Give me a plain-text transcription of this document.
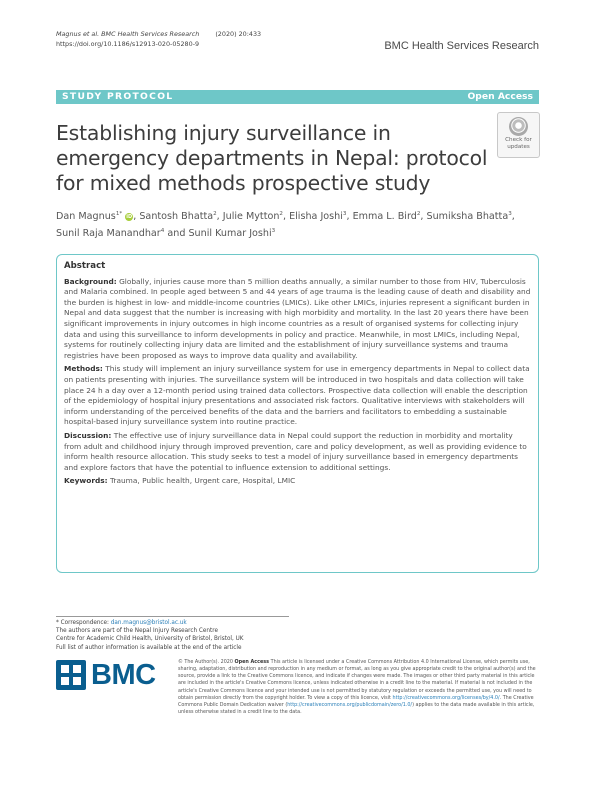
Magnus et al. BMC Health Services Research	(2020) 20:433
https://doi.org/10.1186/s12913-020-05280-9	BMC Health Services Research
STUDY PROTOCOL	Open Access
Establishing injury surveillance in emergency departments in Nepal: protocol for mixed methods prospective study
Check for
updates
Dan Magnus$^{1*}$ iD, Santosh Bhatta$^2$, Julie Mytton$^2$, Elisha Joshi$^3$, Emma L. Bird$^2$, Sumiksha Bhatta$^3$, Sunil Raja Manandhar$^4$ and Sunil Kumar Joshi$^3$
Abstract

Background: Globally, injuries cause more than 5 million deaths annually, a similar number to those from HIV, Tuberculosis and Malaria combined. In people aged between 5 and 44 years of age trauma is the leading cause of death and disability and the burden is highest in low- and middle-income countries (LMICs). Like other LMICs, injuries represent a significant burden in Nepal and data suggest that the number is increasing with high morbidity and mortality. In the last 20 years there have been significant improvements in injury outcomes in high income countries as a result of organised systems for collecting injury data and using this surveillance to inform developments in policy and practice. Meanwhile, in most LMICs, including Nepal, systems for routinely collecting injury data are limited and the establishment of injury surveillance systems and trauma registries have been proposed as ways to improve data quality and availability.

Methods: This study will implement an injury surveillance system for use in emergency departments in Nepal to collect data on patients presenting with injuries. The surveillance system will be introduced in two hospitals and data collection will take place 24 h a day over a 12-month period using trained data collectors. Prospective data collection will enable the description of the epidemiology of hospital injury presentations and associated risk factors. Qualitative interviews with stakeholders will inform understanding of the perceived benefits of the data and the barriers and facilitators to embedding a sustainable hospital-based injury surveillance system into routine practice.

Discussion: The effective use of injury surveillance data in Nepal could support the reduction in morbidity and mortality from adult and childhood injury through improved prevention, care and policy development, as well as providing evidence to inform health resource allocation. This study seeks to test a model of injury surveillance based in emergency departments and explore factors that have the potential to influence extension to additional settings.

Keywords: Trauma, Public health, Urgent care, Hospital, LMIC

* Correspondence: dan.magnus@bristol.ac.uk
The authors are part of the Nepal Injury Research Centre
Centre for Academic Child Health, University of Bristol, Bristol, UK
Full list of author information is available at the end of the article
BMC	© The Author(s). 2020 Open Access This article is licensed under a Creative Commons Attribution 4.0 International License, which permits use, sharing, adaptation, distribution and reproduction in any medium or format, as long as you give appropriate credit to the original author(s) and the source, provide a link to the Creative Commons licence, and indicate if changes were made. The images or other third party material in this article are included in the article's Creative Commons licence, unless indicated otherwise in a credit line to the material. If material is not included in the article's Creative Commons licence and your intended use is not permitted by statutory regulation or exceeds the permitted use, you will need to obtain permission directly from the copyright holder. To view a copy of this licence, visit http://creativecommons.org/licenses/by/4.0/. The Creative Commons Public Domain Dedication waiver (http://creativecommons.org/publicdomain/zero/1.0/) applies to the data made available in this article, unless otherwise stated in a credit line to the data.
